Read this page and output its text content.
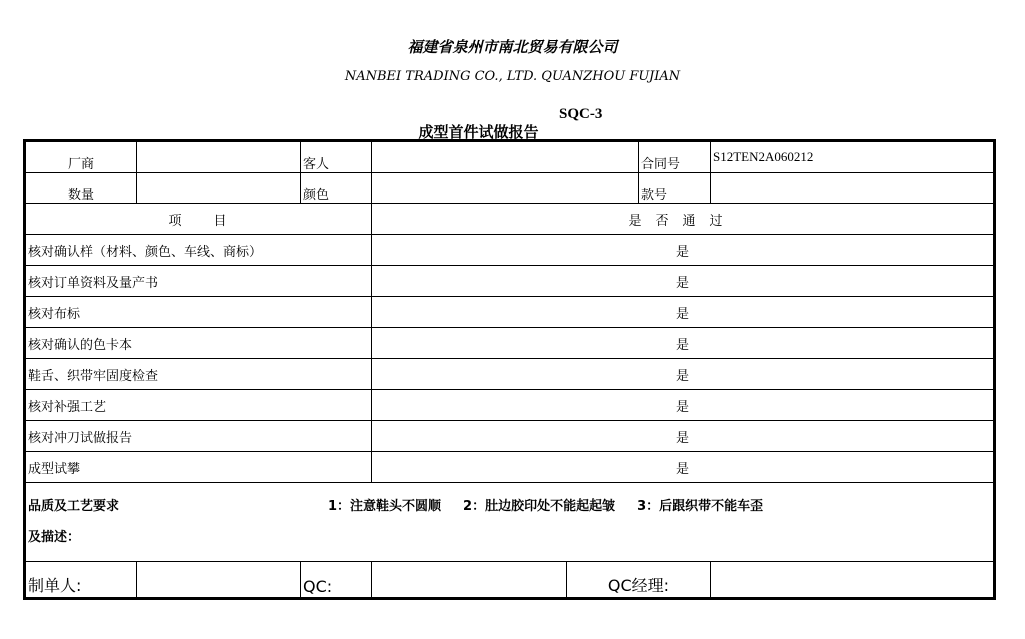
福建省泉州市南北贸易有限公司
NANBEI TRADING CO., LTD. QUANZHOU FUJIAN
SQC-3
成型首件试做报告
厂商		客人			合同号	S12TEN2A060212
数量		颜色			款号	
项　　目			是否通过			
核对确认样（材料、颜色、车线、商标）			是			
核对订单资料及量产书			是			
核对布标			是			
核对确认的色卡本			是			
鞋舌、织带牢固度检查			是			
核对补强工艺			是			
核对冲刀试做报告			是			
成型试攀			是			

品质及工艺要求 1：注意鞋头不圆顺 2：肚边胶印处不能起起皱 3：后跟织带不能车歪
及描述：						

制单人:		QC:		QC经理:		
